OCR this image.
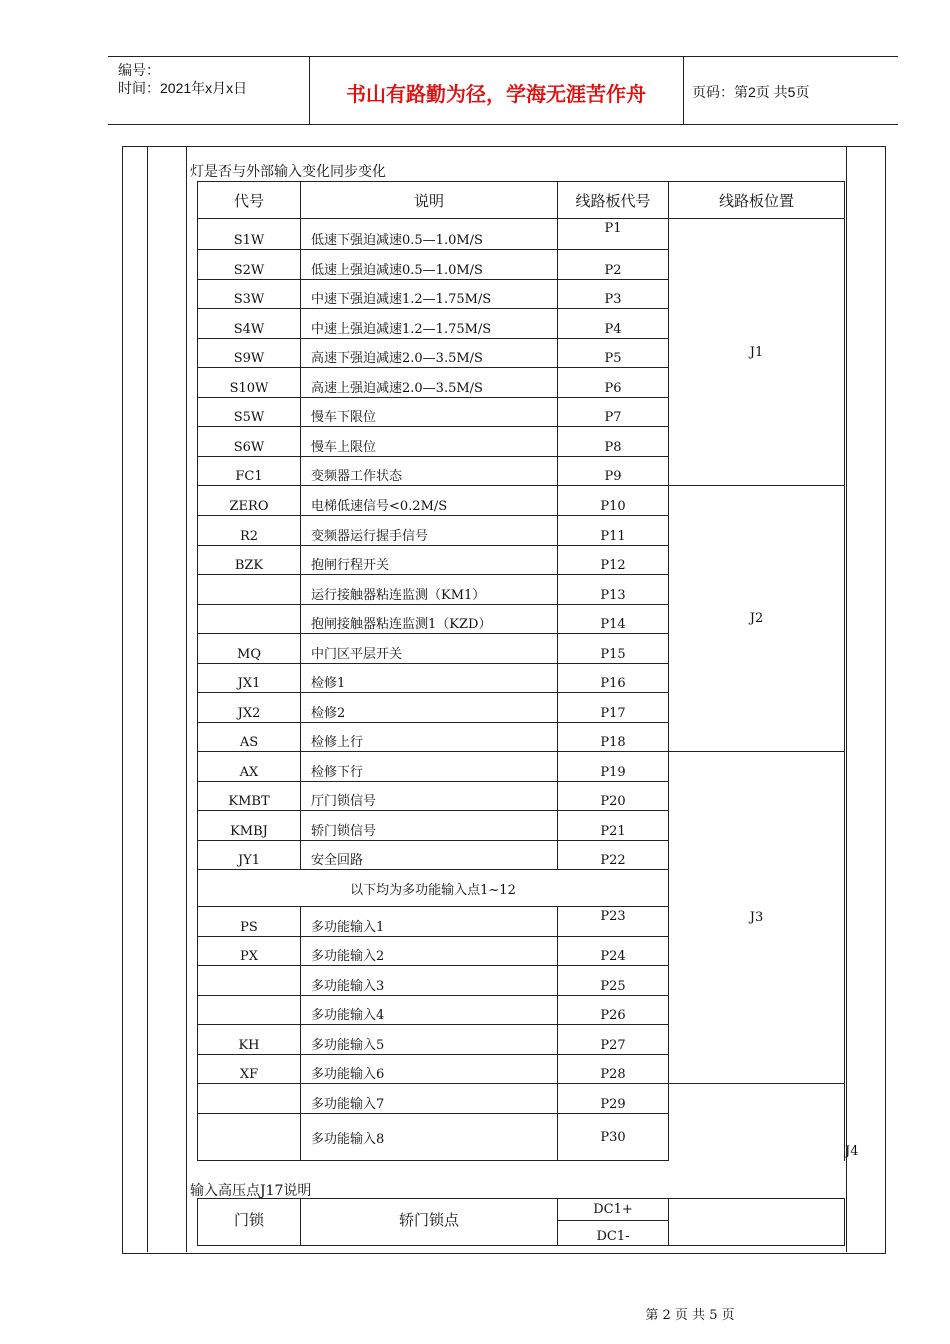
编号：
时间：2021年x月x日	书山有路勤为径，学海无涯苦作舟	页码：第2页 共5页
灯是否与外部输入变化同步变化
代号	说明	线路板代号	线路板位置	
S1W	低速下强迫减速0.5—1.0M/S	P1	J1	
S2W	低速上强迫减速0.5—1.0M/S	P2		
S3W	中速下强迫减速1.2—1.75M/S	P3		
S4W	中速上强迫减速1.2—1.75M/S	P4		
S9W	高速下强迫减速2.0—3.5M/S	P5		
S10W	高速上强迫减速2.0—3.5M/S	P6		
S5W	慢车下限位	P7		
S6W	慢车上限位	P8		
FC1	变频器工作状态	P9		
ZERO	电梯低速信号<0.2M/S	P10	J2	
R2	变频器运行握手信号	P11		
BZK	抱闸行程开关	P12		
	运行接触器粘连监测（KM1）	P13		
	抱闸接触器粘连监测1（KZD）	P14		
MQ	中门区平层开关	P15		
JX1	检修1	P16		
JX2	检修2	P17		
AS	检修上行	P18		
AX	检修下行	P19	J3	
KMBT	厅门锁信号	P20		
KMBJ	轿门锁信号	P21		
JY1	安全回路	P22		
以下均为多功能输入点1~12				
PS	多功能输入1	P23		
PX	多功能输入2	P24		
	多功能输入3	P25		
	多功能输入4	P26		
KH	多功能输入5	P27		
XF	多功能输入6	P28		J4
	多功能输入7	P29		
	多功能输入8	P30		
输入高压点J17说明
门锁	轿门锁点	DC1+	
DC1-
第 2 页 共 5 页
